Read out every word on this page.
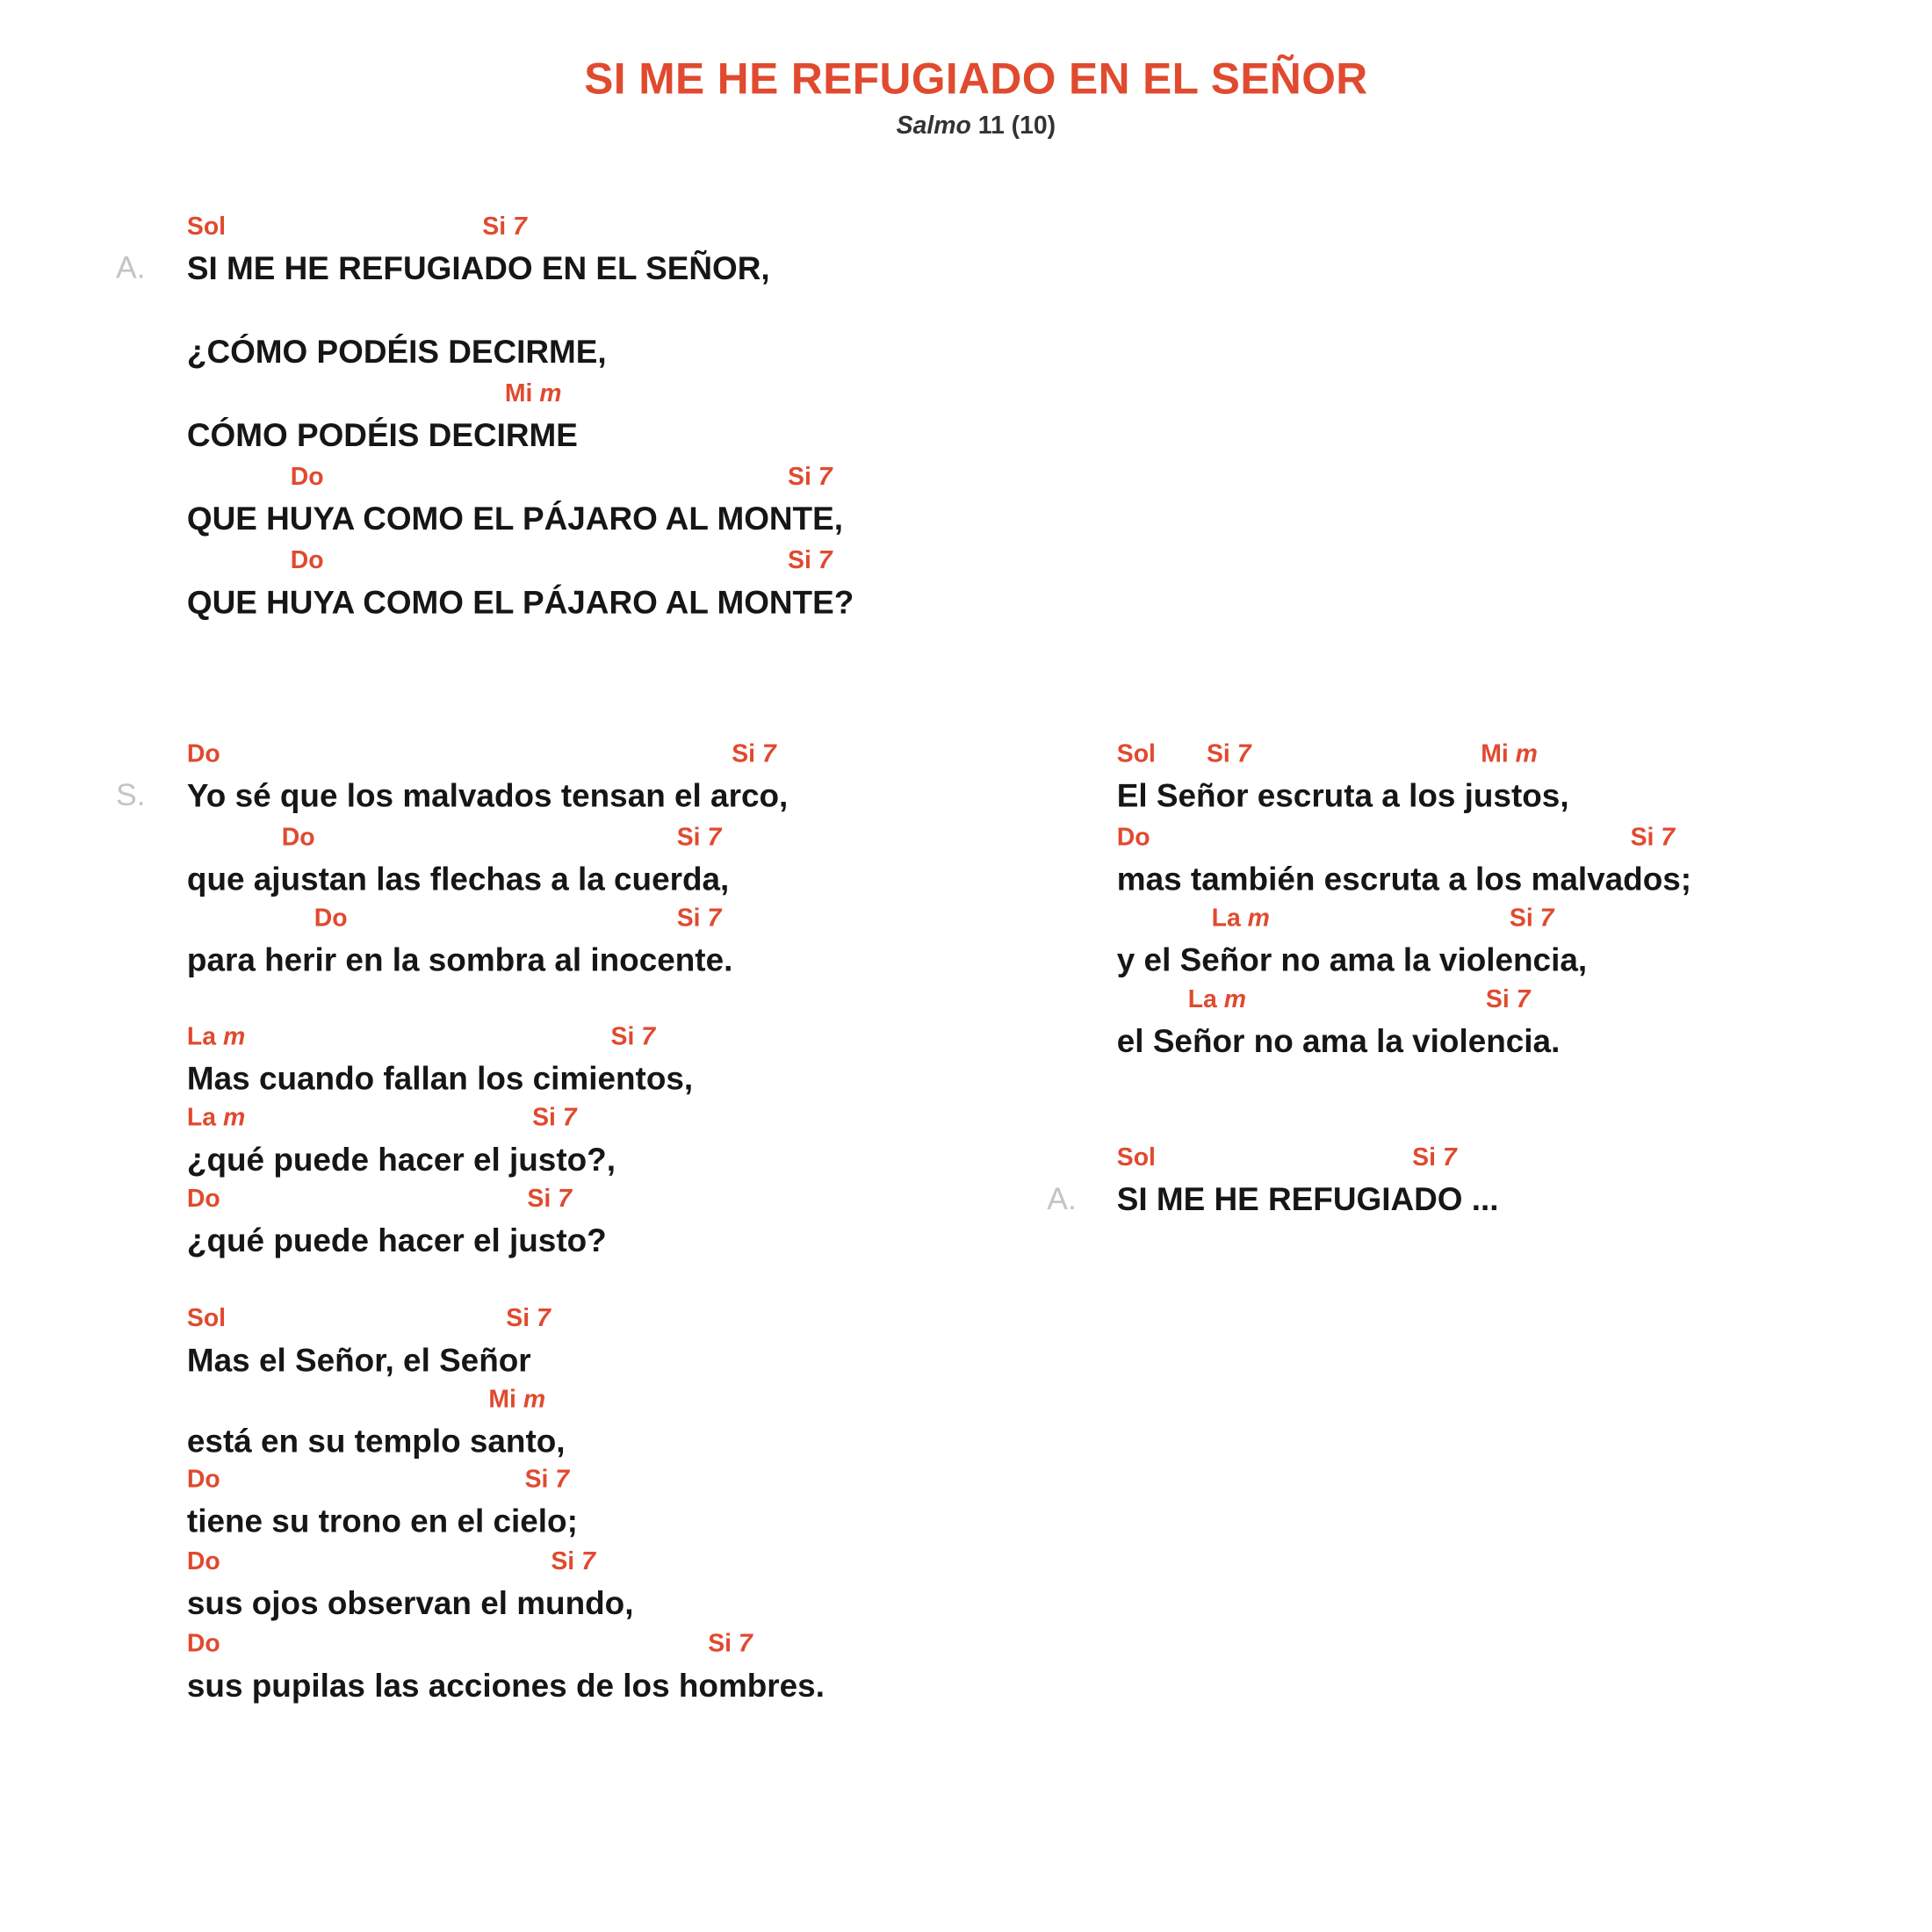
SI ME HE REFUGIADO EN EL SEÑOR
Salmo 11 (10)
A. SI ME HE REFUGIADO EN EL SEÑOR,
Sol	Si 7
¿CÓMO PODÉIS DECIRME,
CÓMO PODÉIS DECIRME
Mi m
QUE HUYA COMO EL PÁJARO AL MONTE,
Do	Si 7
QUE HUYA COMO EL PÁJARO AL MONTE?
Do	Si 7
S. Yo sé que los malvados tensan el arco,
Do	Si 7
que ajustan las flechas a la cuerda,
Do	Si 7
para herir en la sombra al inocente.
Do	Si 7
Mas cuando fallan los cimientos,
La m	Si 7
¿qué puede hacer el justo?,
La m	Si 7
¿qué puede hacer el justo?
Do	Si 7
Mas el Señor, el Señor
Sol	Si 7
está en su templo santo,
Mi m
tiene su trono en el cielo;
Do	Si 7
sus ojos observan el mundo,
Do	Si 7
sus pupilas las acciones de los hombres.
Do	Si 7
El Señor escruta a los justos,
Sol	Si 7	Mi m
mas también escruta a los malvados;
Do	Si 7
y el Señor no ama la violencia,
La m	Si 7
el Señor no ama la violencia.
La m	Si 7
A. SI ME HE REFUGIADO ...
Sol	Si 7
